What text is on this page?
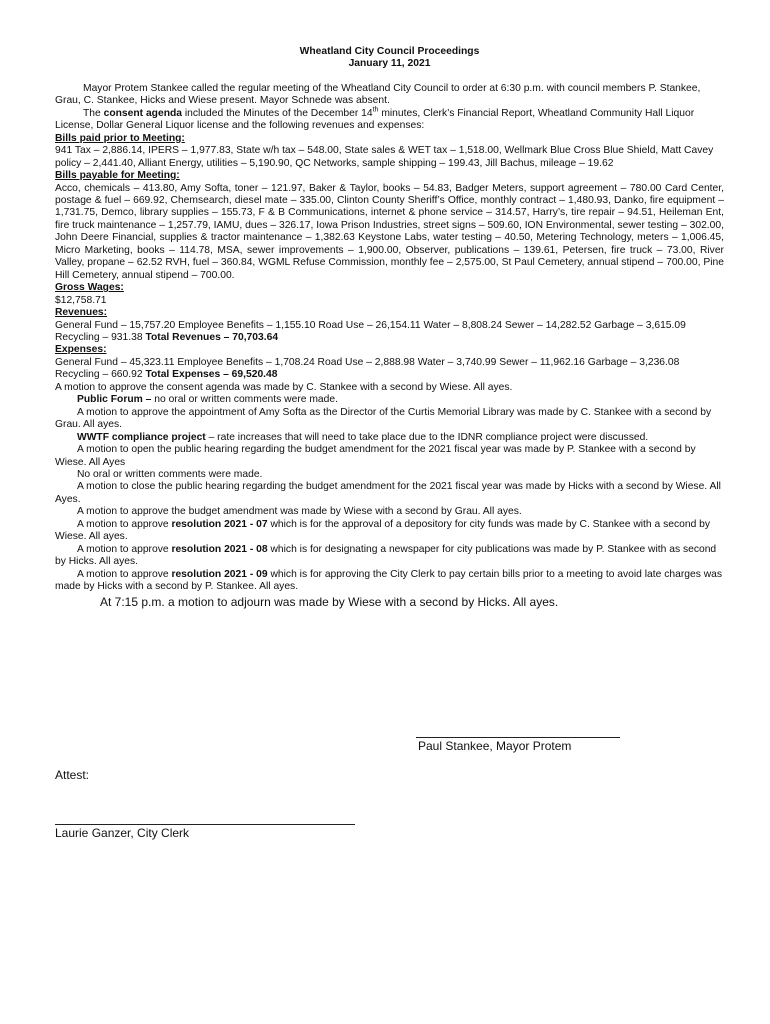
Wheatland City Council Proceedings
January 11, 2021

Mayor Protem Stankee called the regular meeting of the Wheatland City Council to order at 6:30 p.m. with council members P. Stankee, Grau, C. Stankee, Hicks and Wiese present. Mayor Schnede was absent.

The consent agenda included the Minutes of the December 14th minutes, Clerk’s Financial Report, Wheatland Community Hall Liquor License, Dollar General Liquor license and the following revenues and expenses:

Bills paid prior to Meeting:

941 Tax – 2,886.14, IPERS – 1,977.83, State w/h tax – 548.00, State sales & WET tax – 1,518.00, Wellmark Blue Cross Blue Shield, Matt Cavey policy – 2,441.40, Alliant Energy, utilities – 5,190.90, QC Networks, sample shipping – 199.43, Jill Bachus, mileage – 19.62

Bills payable for Meeting:

Acco, chemicals – 413.80, Amy Softa, toner – 121.97, Baker & Taylor, books – 54.83, Badger Meters, support agreement – 780.00 Card Center, postage & fuel – 669.92, Chemsearch, diesel mate – 335.00, Clinton County Sheriff’s Office, monthly contract – 1,480.93, Danko, fire equipment – 1,731.75, Demco, library supplies – 155.73, F & B Communications, internet & phone service – 314.57, Harry’s, tire repair – 94.51, Heileman Ent, fire truck maintenance – 1,257.79, IAMU, dues – 326.17, Iowa Prison Industries, street signs – 509.60, ION Environmental, sewer testing – 302.00, John Deere Financial, supplies & tractor maintenance – 1,382.63 Keystone Labs, water testing – 40.50, Metering Technology, meters – 1,006.45, Micro Marketing, books – 114.78, MSA, sewer improvements – 1,900.00, Observer, publications – 139.61, Petersen, fire truck – 73.00, River Valley, propane – 62.52 RVH, fuel – 360.84, WGML Refuse Commission, monthly fee – 2,575.00, St Paul Cemetery, annual stipend – 700.00, Pine Hill Cemetery, annual stipend – 700.00.

Gross Wages:
$12,758.71
Revenues:

General Fund – 15,757.20 Employee Benefits – 1,155.10 Road Use – 26,154.11 Water – 8,808.24 Sewer – 14,282.52 Garbage – 3,615.09 Recycling – 931.38 Total Revenues – 70,703.64

Expenses:

General Fund – 45,323.11 Employee Benefits – 1,708.24 Road Use – 2,888.98 Water – 3,740.99 Sewer – 11,962.16 Garbage – 3,236.08 Recycling – 660.92 Total Expenses – 69,520.48

A motion to approve the consent agenda was made by C. Stankee with a second by Wiese. All ayes.

Public Forum – no oral or written comments were made.

A motion to approve the appointment of Amy Softa as the Director of the Curtis Memorial Library was made by C. Stankee with a second by Grau. All ayes.

WWTF compliance project – rate increases that will need to take place due to the IDNR compliance project were discussed.

A motion to open the public hearing regarding the budget amendment for the 2021 fiscal year was made by P. Stankee with a second by Wiese. All Ayes

No oral or written comments were made.

A motion to close the public hearing regarding the budget amendment for the 2021 fiscal year was made by Hicks with a second by Wiese. All Ayes.

A motion to approve the budget amendment was made by Wiese with a second by Grau. All ayes.

A motion to approve resolution 2021 - 07 which is for the approval of a depository for city funds was made by C. Stankee with a second by Wiese. All ayes.

A motion to approve resolution 2021 - 08 which is for designating a newspaper for city publications was made by P. Stankee with as second by Hicks. All ayes.

A motion to approve resolution 2021 - 09 which is for approving the City Clerk to pay certain bills prior to a meeting to avoid late charges was made by Hicks with a second by P. Stankee. All ayes.

At 7:15 p.m. a motion to adjourn was made by Wiese with a second by Hicks. All ayes.

Paul Stankee, Mayor Protem
Attest:
Laurie Ganzer, City Clerk
